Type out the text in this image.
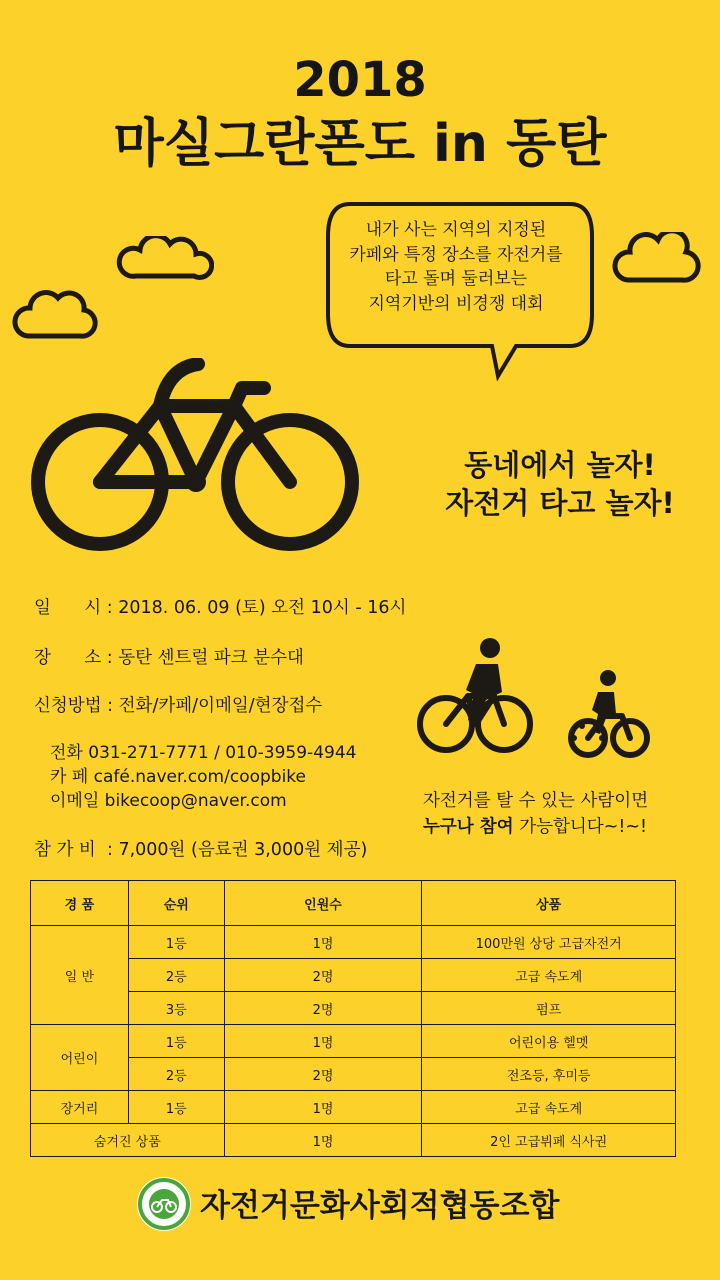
2018
마실그란폰도 in 동탄
내가 사는 지역의 지정된
카페와 특정 장소를 자전거를
타고 돌며 둘러보는
지역기반의 비경쟁 대회
동네에서 놀자!
자전거 타고 놀자!
일      시 : 2018. 06. 09 (토) 오전 10시 - 16시
장      소 : 동탄 센트럴 파크 분수대
신청방법 : 전화/카페/이메일/현장접수
전화 031-271-7771 / 010-3959-4944
카 페 café.naver.com/coopbike
이메일 bikecoop@naver.com
참 가 비  : 7,000원 (음료권 3,000원 제공)
자전거를 탈 수 있는 사람이면
누구나 참여 가능합니다~!~!
경 품	순위	인원수	상품
일 반	1등	1명	100만원 상당 고급자전거
	2등	2명	고급 속도계
	3등	2명	펌프
어린이	1등	1명	어린이용 헬멧
	2등	2명	전조등, 후미등
장거리	1등	1명	고급 속도계
숨겨진 상품		1명	2인 고급뷔페 식사권
자전거문화사회적협동조합
